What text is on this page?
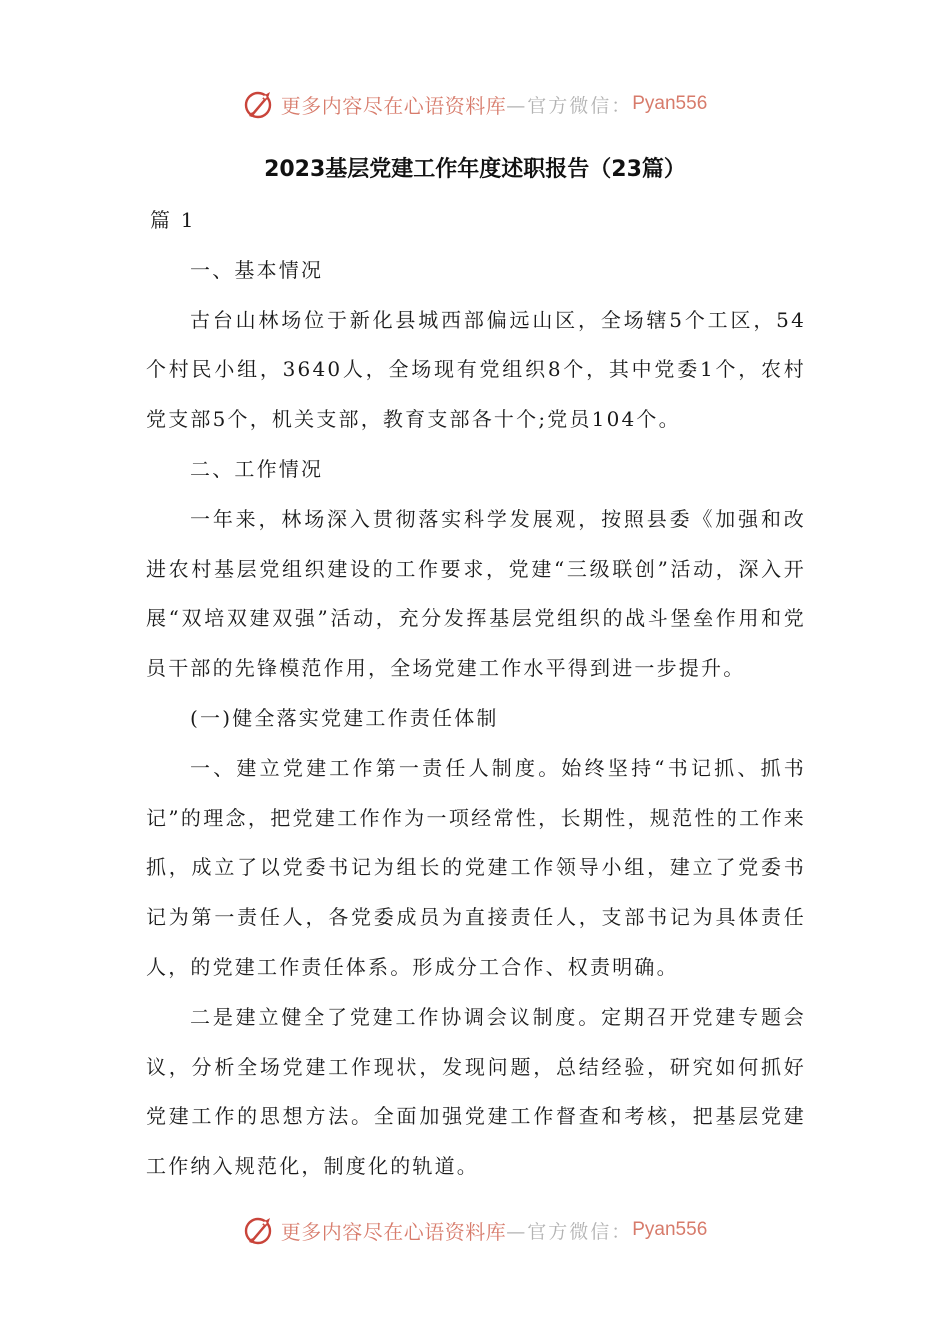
更多内容尽在心语资料库 —官方微信： Pyan556
2023基层党建工作年度述职报告（23篇）

篇 1

一、基本情况

古台山林场位于新化县城西部偏远山区，全场辖5个工区，54个村民小组，3640人，全场现有党组织8个，其中党委1个，农村党支部5个，机关支部，教育支部各十个;党员104个。

二、工作情况

一年来，林场深入贯彻落实科学发展观，按照县委《加强和改进农村基层党组织建设的工作要求，党建“三级联创”活动，深入开展“双培双建双强”活动，充分发挥基层党组织的战斗堡垒作用和党员干部的先锋模范作用，全场党建工作水平得到进一步提升。

(一)健全落实党建工作责任体制

一、建立党建工作第一责任人制度。始终坚持“书记抓、抓书记”的理念，把党建工作作为一项经常性，长期性，规范性的工作来抓，成立了以党委书记为组长的党建工作领导小组，建立了党委书记为第一责任人，各党委成员为直接责任人，支部书记为具体责任人，的党建工作责任体系。形成分工合作、权责明确。

二是建立健全了党建工作协调会议制度。定期召开党建专题会议，分析全场党建工作现状，发现问题，总结经验，研究如何抓好党建工作的思想方法。全面加强党建工作督查和考核，把基层党建工作纳入规范化，制度化的轨道。

更多内容尽在心语资料库 —官方微信： Pyan556
